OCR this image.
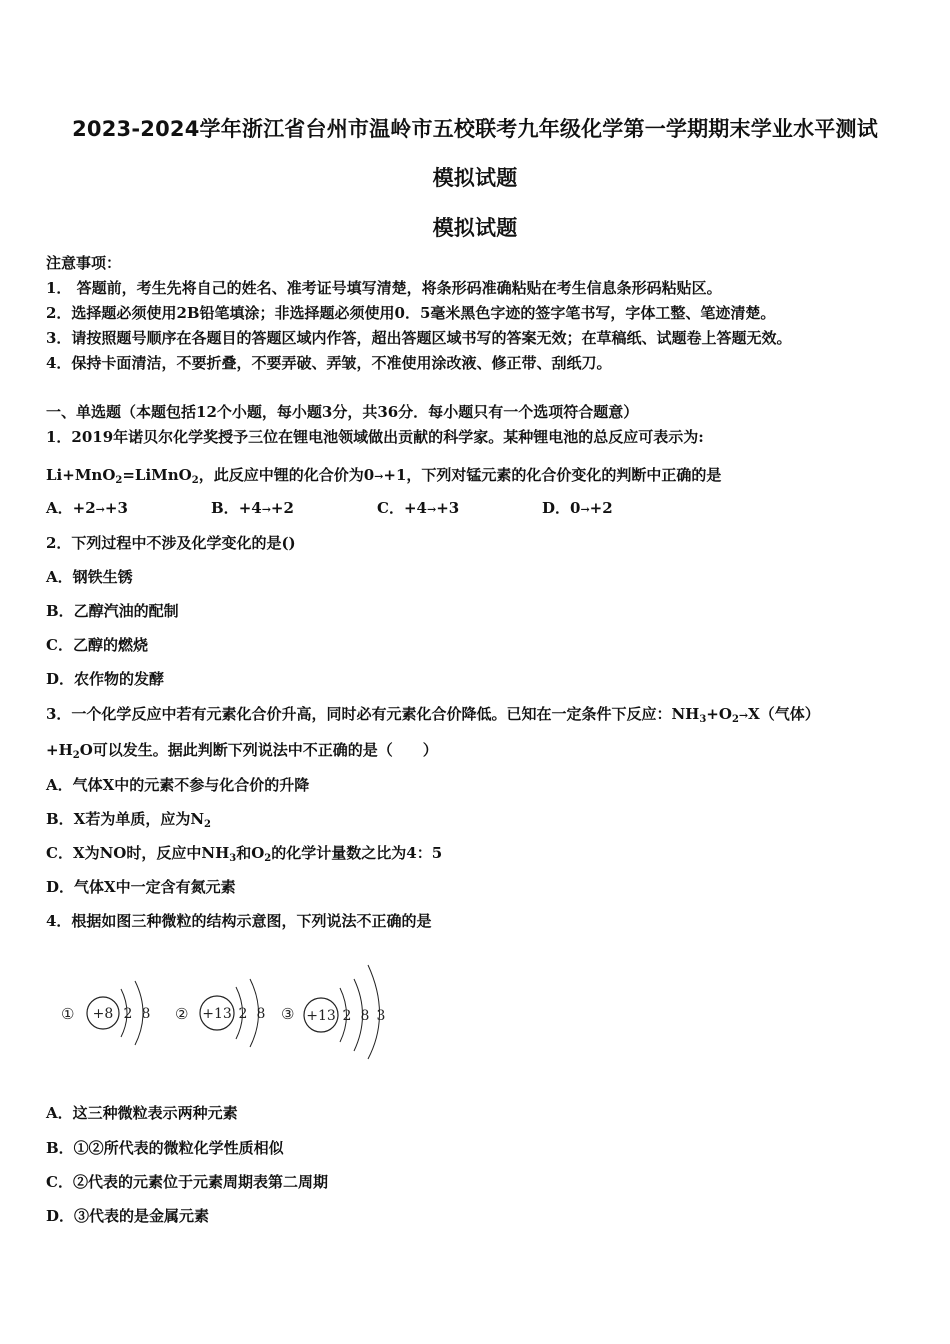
2023-2024学年浙江省台州市温岭市五校联考九年级化学第一学期期末学业水平测试
模拟试题
模拟试题
注意事项：
1． 答题前，考生先将自己的姓名、准考证号填写清楚，将条形码准确粘贴在考生信息条形码粘贴区。
2．选择题必须使用2B铅笔填涂；非选择题必须使用0．5毫米黑色字迹的签字笔书写，字体工整、笔迹清楚。
3．请按照题号顺序在各题目的答题区域内作答，超出答题区域书写的答案无效；在草稿纸、试题卷上答题无效。
4．保持卡面清洁，不要折叠，不要弄破、弄皱，不准使用涂改液、修正带、刮纸刀。
一、单选题（本题包括12个小题，每小题3分，共36分．每小题只有一个选项符合题意）
1．2019年诺贝尔化学奖授予三位在锂电池领域做出贡献的科学家。某种锂电池的总反应可表示为:
Li+MnO$_2$=LiMnO$_2$，此反应中锂的化合价为0→+1，下列对锰元素的化合价变化的判断中正确的是
A．+2→+3	B．+4→+2	C．+4→+3	D．0→+2
2．下列过程中不涉及化学变化的是()
A．钢铁生锈
B．乙醇汽油的配制
C．乙醇的燃烧
D．农作物的发酵
3．一个化学反应中若有元素化合价升高，同时必有元素化合价降低。已知在一定条件下反应：$NH_3+O_2\to X$（气体）
$+H_2O$可以发生。据此判断下列说法中不正确的是（　　）
A．气体X中的元素不参与化合价的升降
B．X若为单质，应为$N_2$
C．X为NO时，反应中$NH_3$和$O_2$的化学计量数之比为4：5
D．气体X中一定含有氮元素
4．根据如图三种微粒的结构示意图，下列说法不正确的是
① +8 2 8 ② +13 2 8 ③ +13 2 8 3
A．这三种微粒表示两种元素
B．①②所代表的微粒化学性质相似
C．②代表的元素位于元素周期表第二周期
D．③代表的是金属元素
